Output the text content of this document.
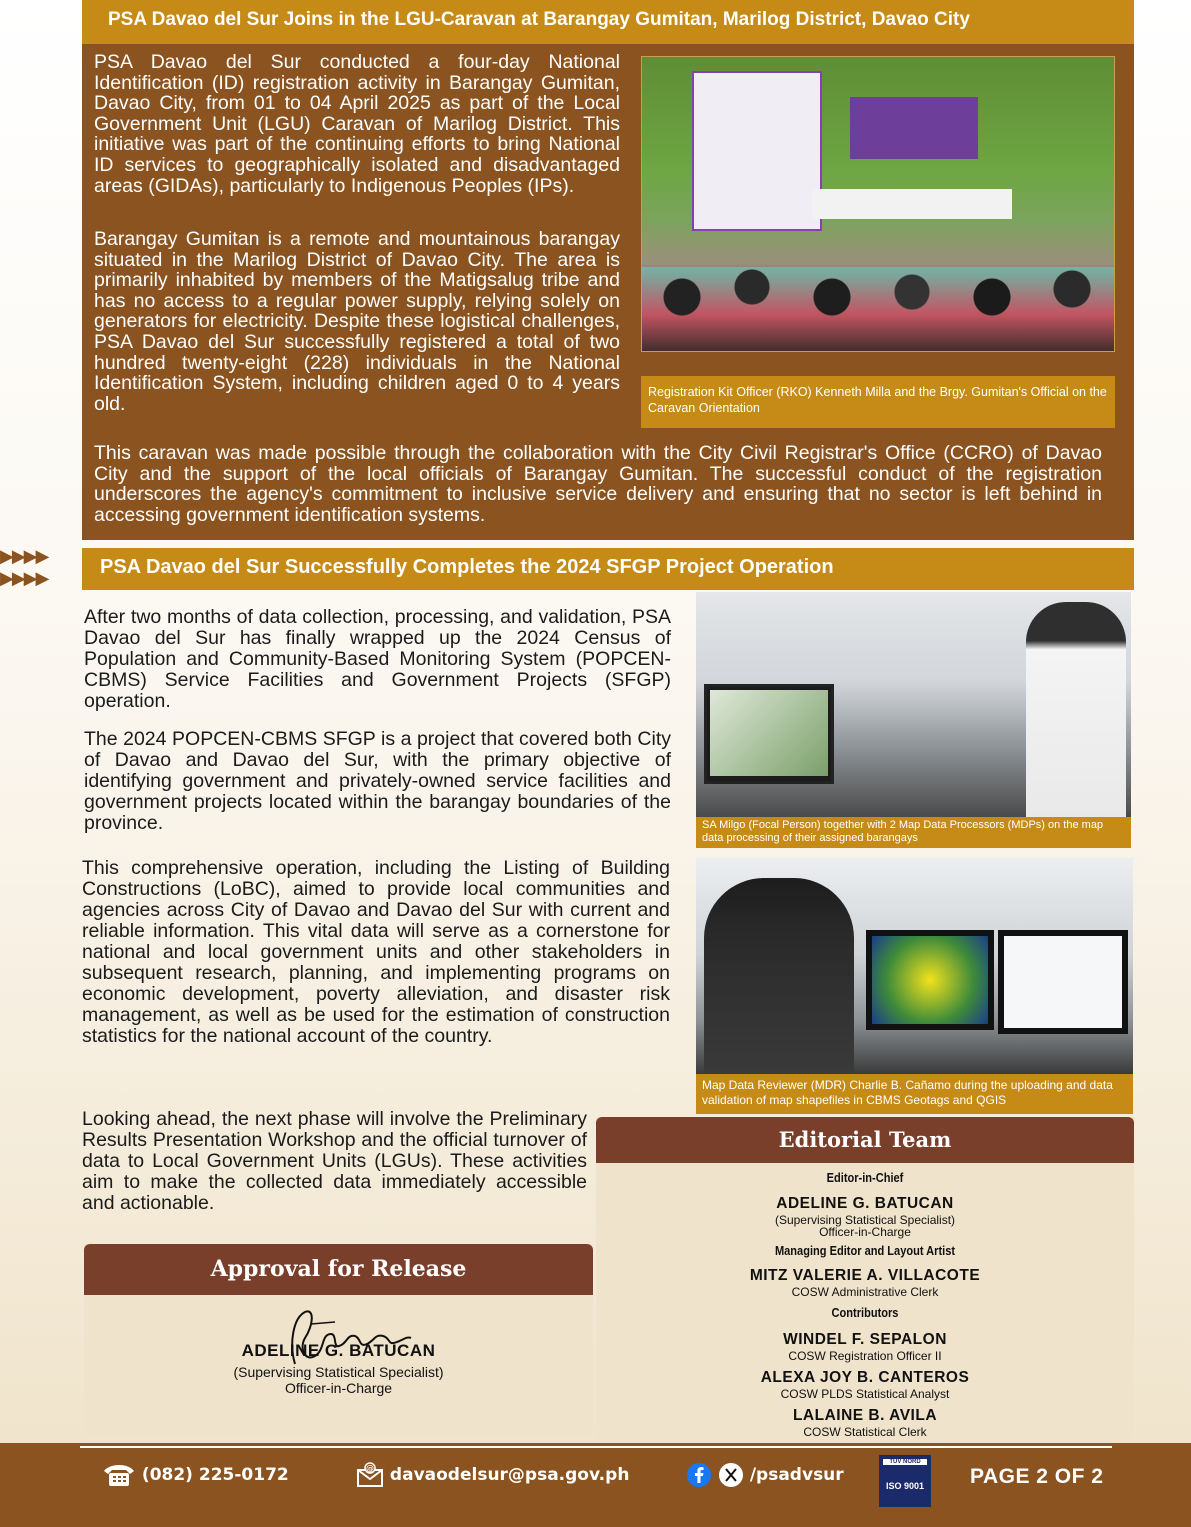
PSA Davao del Sur Joins in the LGU-Caravan at Barangay Gumitan, Marilog District, Davao City

PSA Davao del Sur conducted a four-day National Identification (ID) registration activity in Barangay Gumitan, Davao City, from 01 to 04 April 2025 as part of the Local Government Unit (LGU) Caravan of Marilog District. This initiative was part of the continuing efforts to bring National ID services to geographically isolated and disadvantaged areas (GIDAs), particularly to Indigenous Peoples (IPs).

Barangay Gumitan is a remote and mountainous barangay situated in the Marilog District of Davao City. The area is primarily inhabited by members of the Matigsalug tribe and has no access to a regular power supply, relying solely on generators for electricity. Despite these logistical challenges, PSA Davao del Sur successfully registered a total of two hundred twenty-eight (228) individuals in the National Identification System, including children aged 0 to 4 years old.

This caravan was made possible through the collaboration with the City Civil Registrar's Office (CCRO) of Davao City and the support of the local officials of Barangay Gumitan. The successful conduct of the registration underscores the agency's commitment to inclusive service delivery and ensuring that no sector is left behind in accessing government identification systems.

Registration Kit Officer (RKO) Kenneth Milla and the Brgy. Gumitan's Official on the Caravan Orientation
▶▶▶▶
▶▶▶▶
PSA Davao del Sur Successfully Completes the 2024 SFGP Project Operation

After two months of data collection, processing, and validation, PSA Davao del Sur has finally wrapped up the 2024 Census of Population and Community-Based Monitoring System (POPCEN-CBMS) Service Facilities and Government Projects (SFGP) operation.

The 2024 POPCEN-CBMS SFGP is a project that covered both City of Davao and Davao del Sur, with the primary objective of identifying government and privately-owned service facilities and government projects located within the barangay boundaries of the province.

This comprehensive operation, including the Listing of Building Constructions (LoBC), aimed to provide local communities and agencies across City of Davao and Davao del Sur with current and reliable information. This vital data will serve as a cornerstone for national and local government units and other stakeholders in subsequent research, planning, and implementing programs on economic development, poverty alleviation, and disaster risk management, as well as be used for the estimation of construction statistics for the national account of the country.

Looking ahead, the next phase will involve the Preliminary Results Presentation Workshop and the official turnover of data to Local Government Units (LGUs). These activities aim to make the collected data immediately accessible and actionable.

SA Milgo (Focal Person) together with 2 Map Data Processors (MDPs) on the map data processing of their assigned barangays
Map Data Reviewer (MDR) Charlie B. Cañamo during the uploading and data validation of map shapefiles in CBMS Geotags and QGIS
Editorial Team
Editor-in-Chief
ADELINE G. BATUCAN
(Supervising Statistical Specialist)
Officer-in-Charge
Managing Editor and Layout Artist
MITZ VALERIE A. VILLACOTE
COSW Administrative Clerk
Contributors
WINDEL F. SEPALON
COSW Registration Officer II
ALEXA JOY B. CANTEROS
COSW PLDS Statistical Analyst
LALAINE B. AVILA
COSW Statistical Clerk
Approval for Release
ADELINE G. BATUCAN
(Supervising Statistical Specialist)
Officer-in-Charge
(082) 225-0172	@ davaodelsur@psa.gov.ph	/psadvsur
TÜV NORD
ISO 9001	PAGE 2 OF 2
